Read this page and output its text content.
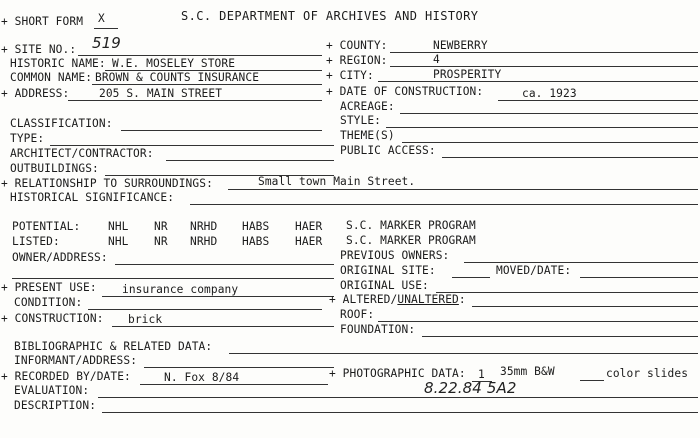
+ SHORT FORM X	S.C. DEPARTMENT OF ARCHIVES AND HISTORY
+ SITE NO.: 519
HISTORIC NAME: W.E. MOSELEY STORE
COMMON NAME: BROWN & COUNTS INSURANCE
+ ADDRESS:	205 S. MAIN STREET
CLASSIFICATION:
TYPE:
ARCHITECT/CONTRACTOR:
OUTBUILDINGS:
+ RELATIONSHIP TO SURROUNDINGS:	Small town Main Street.
HISTORICAL SIGNIFICANCE:
+ COUNTY:	NEWBERRY
+ REGION:	4
+ CITY:	PROSPERITY
+ DATE OF CONSTRUCTION:	ca. 1923
ACREAGE:
STYLE:
THEME(S)
PUBLIC ACCESS:
POTENTIAL: NHL NR NRHD HABS HAER S.C. MARKER PROGRAM
LISTED:	NHL NR NRHD HABS HAER S.C. MARKER PROGRAM
OWNER/ADDRESS:
+ PRESENT USE: insurance company
CONDITION:
+ CONSTRUCTION: brick
BIBLIOGRAPHIC & RELATED DATA:
INFORMANT/ADDRESS:
+ RECORDED BY/DATE:	N. Fox 8/84
EVALUATION:
DESCRIPTION:
PREVIOUS OWNERS:
ORIGINAL SITE:	MOVED/DATE:
ORIGINAL USE:
+ ALTERED/UNALTERED:
ROOF:
FOUNDATION:
+ PHOTOGRAPHIC DATA: 1 35mm B&W	color slides
8.22.84 5A2
